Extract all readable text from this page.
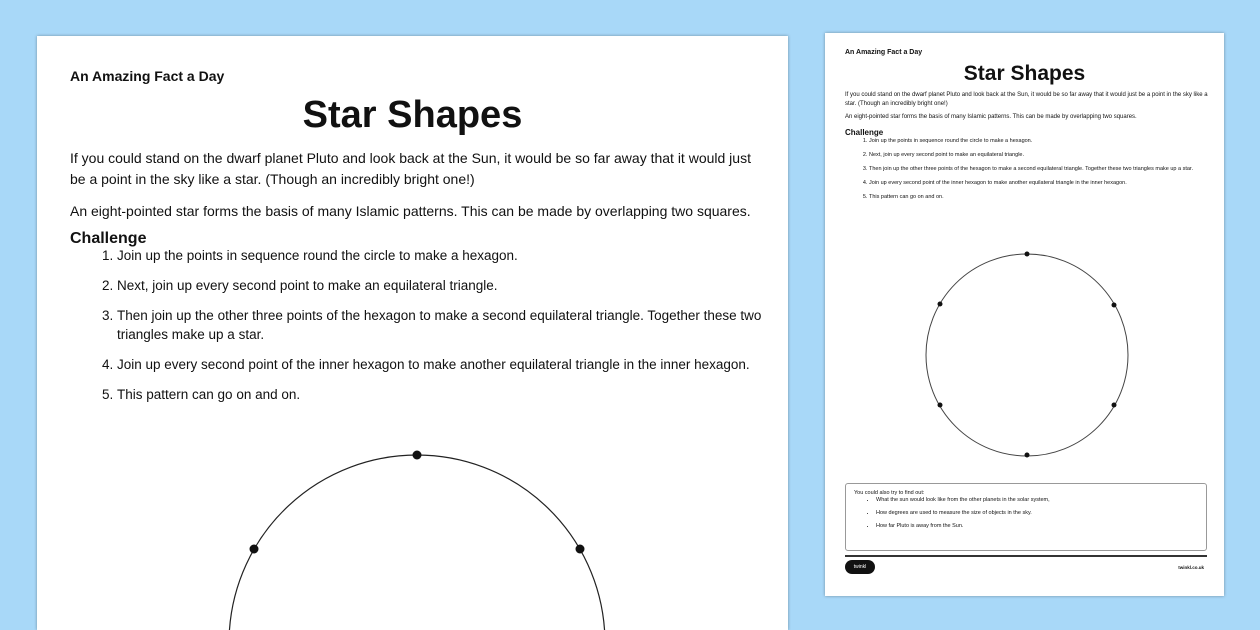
An Amazing Fact a Day
Star Shapes

If you could stand on the dwarf planet Pluto and look back at the Sun, it would be so far away that it would just be a point in the sky like a star. (Though an incredibly bright one!)

An eight-pointed star forms the basis of many Islamic patterns. This can be made by overlapping two squares.

Challenge
1. Join up the points in sequence round the circle to make a hexagon.
2. Next, join up every second point to make an equilateral triangle.
3. Then join up the other three points of the hexagon to make a second equilateral triangle. Together these two triangles make up a star.
4. Join up every second point of the inner hexagon to make another equilateral triangle in the inner hexagon.
5. This pattern can go on and on.
An Amazing Fact a Day
Star Shapes

If you could stand on the dwarf planet Pluto and look back at the Sun, it would be so far away that it would just be a point in the sky like a star. (Though an incredibly bright one!)

An eight-pointed star forms the basis of many Islamic patterns. This can be made by overlapping two squares.

Challenge
1. Join up the points in sequence round the circle to make a hexagon.
2. Next, join up every second point to make an equilateral triangle.
3. Then join up the other three points of the hexagon to make a second equilateral triangle. Together these two triangles make up a star.
4. Join up every second point of the inner hexagon to make another equilateral triangle in the inner hexagon.
5. This pattern can go on and on.
You could also try to find out:
• What the sun would look like from the other planets in the solar system,
• How degrees are used to measure the size of objects in the sky.
• How far Pluto is away from the Sun.
twinkl	twinkl.co.uk
